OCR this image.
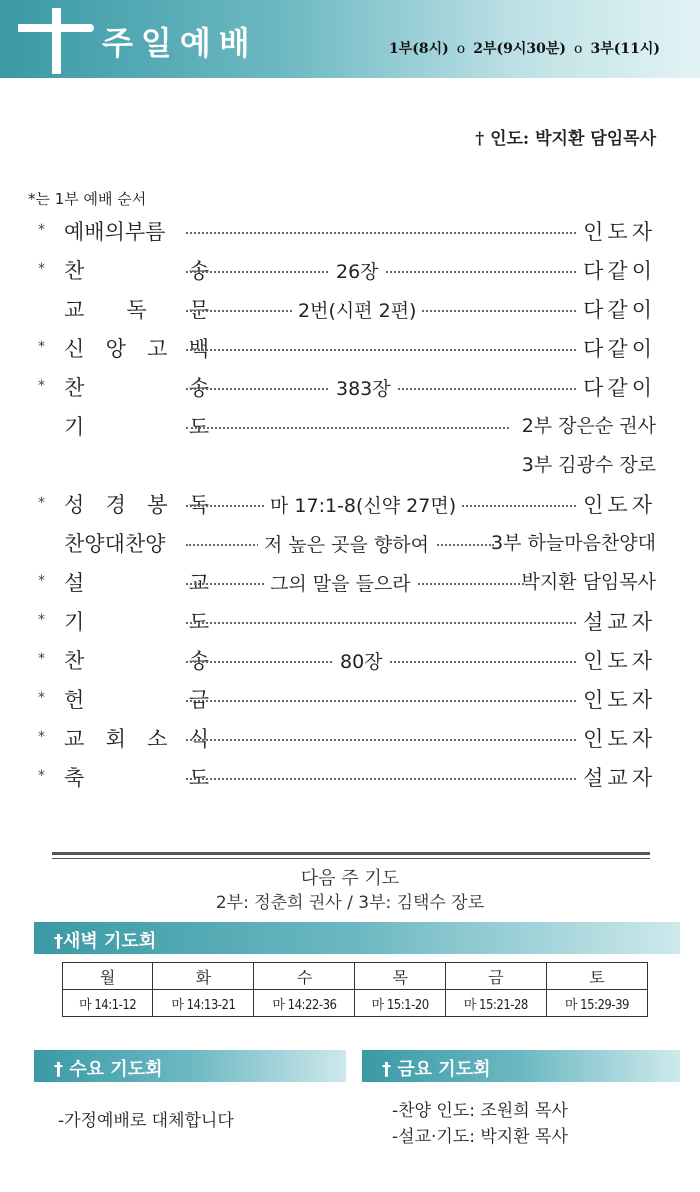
주일예배	1부(8시) o 2부(9시30분) o 3부(11시)
† 인도: 박지환 담임목사
*는 1부 예배 순서
* 예배의부름	인도자
* 찬	송	26장	다같이
교 독 문	2번(시편 2편)	다같이
* 신 앙 고 백	다같이
* 찬	송	383장	다같이
기	도	2부 장은순 권사
3부 김광수 장로
* 성 경 봉 독	마 17:1-8(신약 27면)	인도자
찬양대찬양	저 높은 곳을 향하여	3부 하늘마음찬양대
* 설	교	그의 말을 들으라	박지환 담임목사
* 기	도	설교자
* 찬	송	80장	인도자
* 헌	금	인도자
* 교 회 소 식	인도자
* 축	도	설교자
다음 주 기도
2부: 정춘희 권사 / 3부: 김택수 장로
†새벽 기도회
월	화	수	목	금	토
마 14:1-12	마 14:13-21	마 14:22-36	마 15:1-20	마 15:21-28	마 15:29-39
† 수요 기도회
-가정예배로 대체합니다
† 금요 기도회
-찬양 인도: 조원희 목사
-설교·기도: 박지환 목사
